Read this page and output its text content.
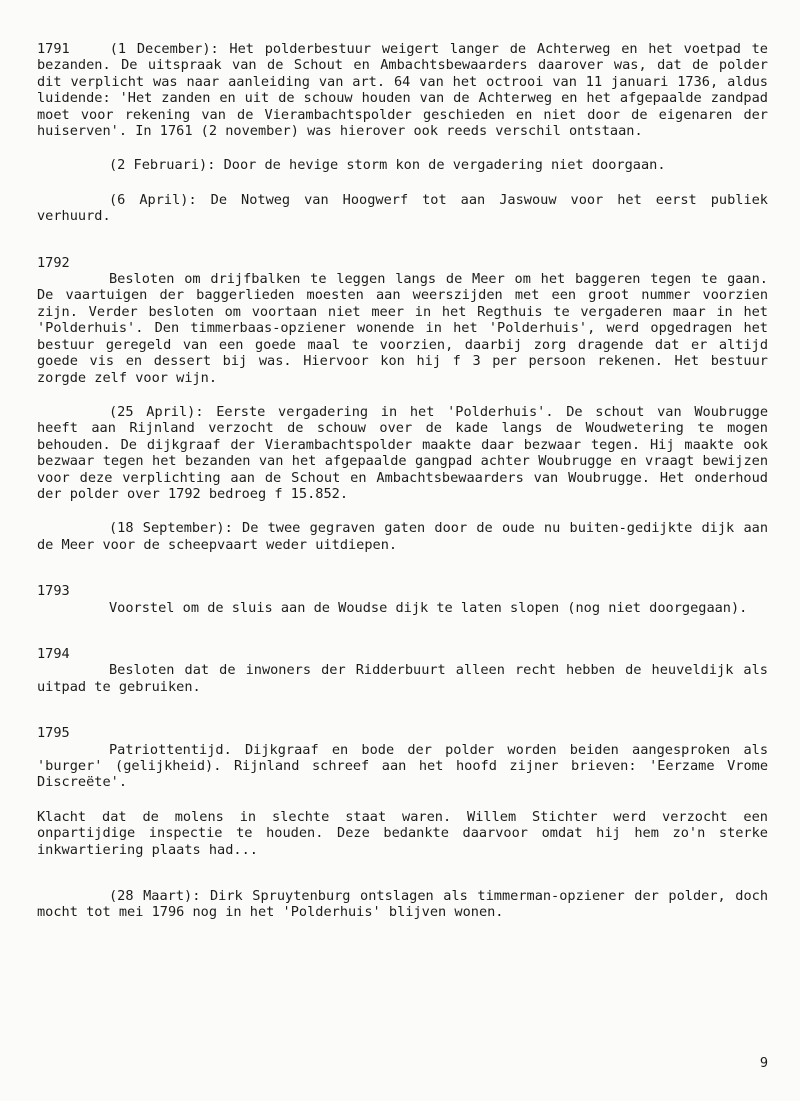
1791	(1 December): Het polderbestuur weigert langer de Achterweg en het voetpad te bezanden. De uitspraak van de Schout en Ambachtsbewaarders daarover was, dat de polder dit verplicht was naar aanleiding van art. 64 van het octrooi van 11 januari 1736, aldus luidende: 'Het zanden en uit de schouw houden van de Achterweg en het afgepaalde zandpad moet voor rekening van de Vierambachtspolder geschieden en niet door de eigenaren der huiserven'. In 1761 (2 november) was hierover ook reeds verschil ontstaan.

(2 Februari): Door de hevige storm kon de vergadering niet doorgaan.

(6 April): De Notweg van Hoogwerf tot aan Jaswouw voor het eerst publiek verhuurd.

1792

Besloten om drijfbalken te leggen langs de Meer om het baggeren tegen te gaan. De vaartuigen der baggerlieden moesten aan weerszijden met een groot nummer voorzien zijn. Verder besloten om voortaan niet meer in het Regthuis te vergaderen maar in het 'Polderhuis'. Den timmerbaas-opziener wonende in het 'Polderhuis', werd opgedragen het bestuur geregeld van een goede maal te voorzien, daarbij zorg dragende dat er altijd goede vis en dessert bij was. Hiervoor kon hij f 3 per persoon rekenen. Het bestuur zorgde zelf voor wijn.

(25 April): Eerste vergadering in het 'Polderhuis'. De schout van Woubrugge heeft aan Rijnland verzocht de schouw over de kade langs de Woudwetering te mogen behouden. De dijkgraaf der Vierambachtspolder maakte daar bezwaar tegen. Hij maakte ook bezwaar tegen het bezanden van het afgepaalde gangpad achter Woubrugge en vraagt bewijzen voor deze verplichting aan de Schout en Ambachtsbewaarders van Woubrugge. Het onderhoud der polder over 1792 bedroeg f 15.852.

(18 September): De twee gegraven gaten door de oude nu buiten-gedijkte dijk aan de Meer voor de scheepvaart weder uitdiepen.

1793

Voorstel om de sluis aan de Woudse dijk te laten slopen (nog niet doorgegaan).

1794

Besloten dat de inwoners der Ridderbuurt alleen recht hebben de heuveldijk als uitpad te gebruiken.

1795

Patriottentijd. Dijkgraaf en bode der polder worden beiden aangesproken als 'burger' (gelijkheid). Rijnland schreef aan het hoofd zijner brieven: 'Eerzame Vrome Discreëte'.

Klacht dat de molens in slechte staat waren. Willem Stichter werd verzocht een onpartijdige inspectie te houden. Deze bedankte daarvoor omdat hij hem zo'n sterke inkwartiering plaats had...

(28 Maart): Dirk Spruytenburg ontslagen als timmerman-opziener der polder, doch mocht tot mei 1796 nog in het 'Polderhuis' blijven wonen.

9
